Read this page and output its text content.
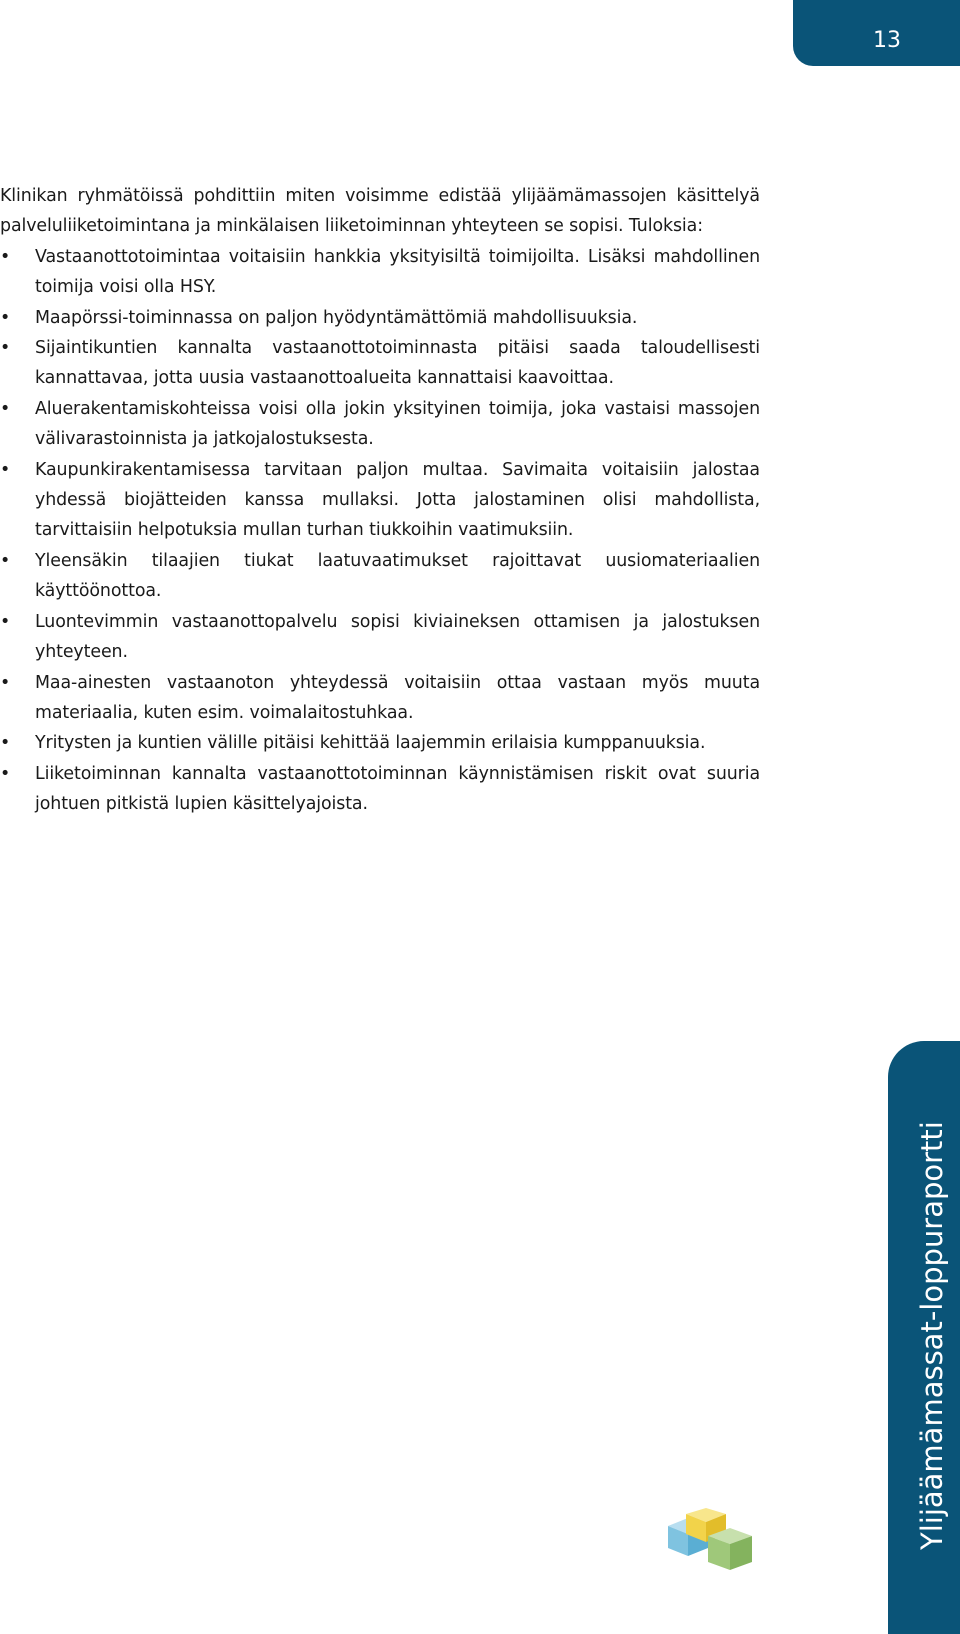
13

Klinikan ryhmätöissä pohdittiin miten voisimme edistää ylijäämämassojen käsittelyä palveluliiketoimintana ja minkälaisen liiketoiminnan yhteyteen se sopisi. Tuloksia:

• Vastaanottotoimintaa voitaisiin hankkia yksityisiltä toimijoilta. Lisäksi mahdollinen toimija voisi olla HSY.
• Maapörssi-toiminnassa on paljon hyödyntämättömiä mahdollisuuksia.
• Sijaintikuntien kannalta vastaanottotoiminnasta pitäisi saada taloudellisesti kannattavaa, jotta uusia vastaanottoalueita kannattaisi kaavoittaa.
• Aluerakentamiskohteissa voisi olla jokin yksityinen toimija, joka vastaisi massojen välivarastoinnista ja jatkojalostuksesta.
• Kaupunkirakentamisessa tarvitaan paljon multaa. Savimaita voitaisiin jalostaa yhdessä biojätteiden kanssa mullaksi. Jotta jalostaminen olisi mahdollista, tarvittaisiin helpotuksia mullan turhan tiukkoihin vaatimuksiin.
• Yleensäkin tilaajien tiukat laatuvaatimukset rajoittavat uusiomateriaalien käyttöönottoa.
• Luontevimmin vastaanottopalvelu sopisi kiviaineksen ottamisen ja jalostuksen yhteyteen.
• Maa-ainesten vastaanoton yhteydessä voitaisiin ottaa vastaan myös muuta materiaalia, kuten esim. voimalaitostuhkaa.
• Yritysten ja kuntien välille pitäisi kehittää laajemmin erilaisia kumppanuuksia.
• Liiketoiminnan kannalta vastaanottotoiminnan käynnistämisen riskit ovat suuria johtuen pitkistä lupien käsittelyajoista.
Ylijäämämassat-loppuraportti
